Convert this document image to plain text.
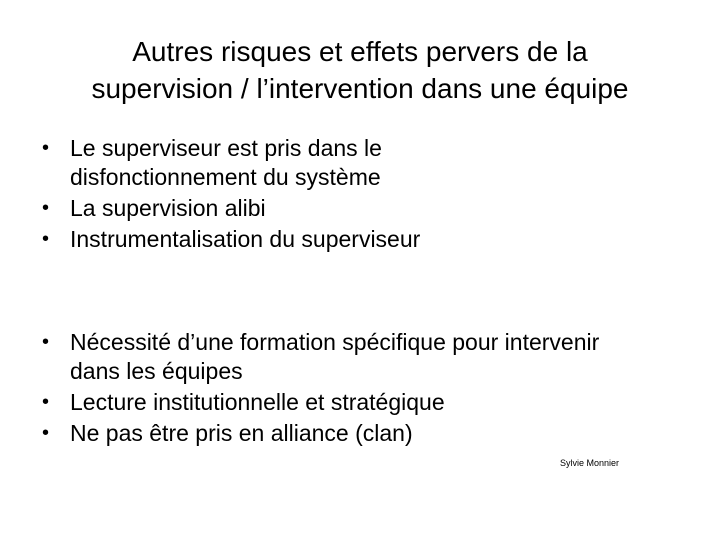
Autres risques et effets pervers de la
supervision / l’intervention dans une équipe
• Le superviseur est pris dans le disfonctionnement du système
• La supervision alibi
• Instrumentalisation du superviseur
• Nécessité d’une formation spécifique pour intervenir dans les équipes
• Lecture institutionnelle et stratégique
• Ne pas être pris en alliance (clan)
Sylvie Monnier
